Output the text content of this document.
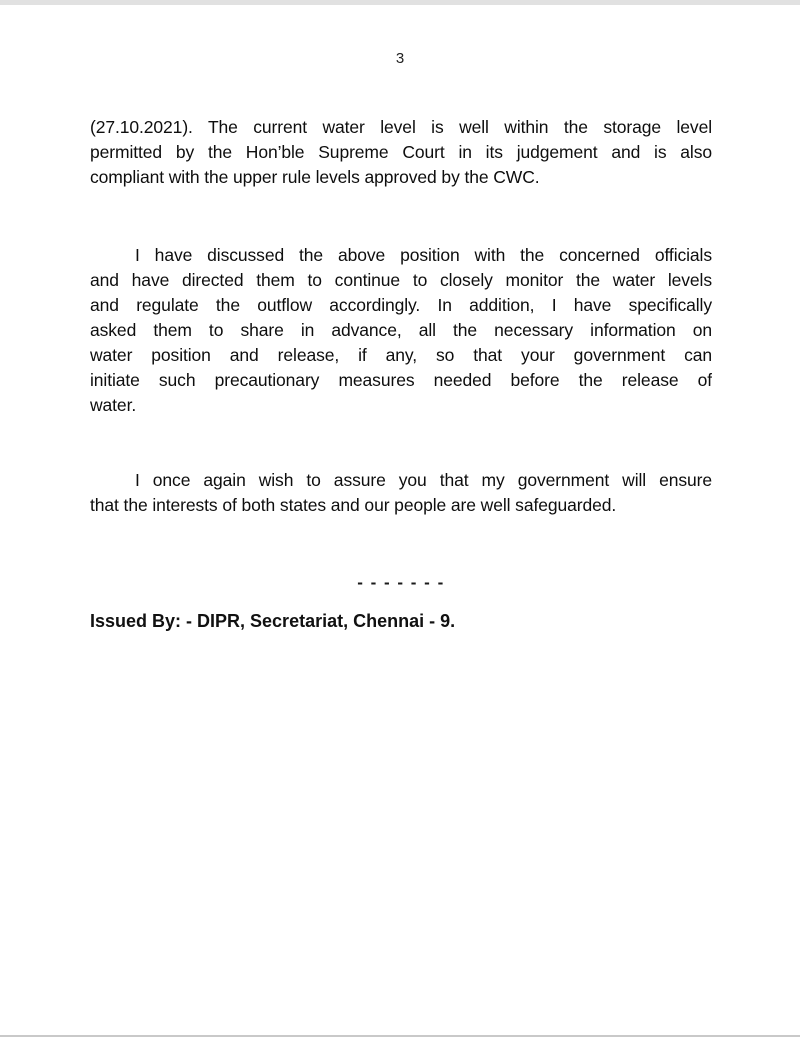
3

(27.10.2021). The current water level is well within the storage level
permitted by the Hon’ble Supreme Court in its judgement and is also
compliant with the upper rule levels approved by the CWC.

I have discussed the above position with the concerned officials
and have directed them to continue to closely monitor the water levels
and regulate the outflow accordingly. In addition, I have specifically
asked them to share in advance, all the necessary information on
water position and release, if any, so that your government can
initiate such precautionary measures needed before the release of
water.

I once again wish to assure you that my government will ensure
that the interests of both states and our people are well safeguarded.

- - - - - - -
Issued By: - DIPR, Secretariat, Chennai - 9.
